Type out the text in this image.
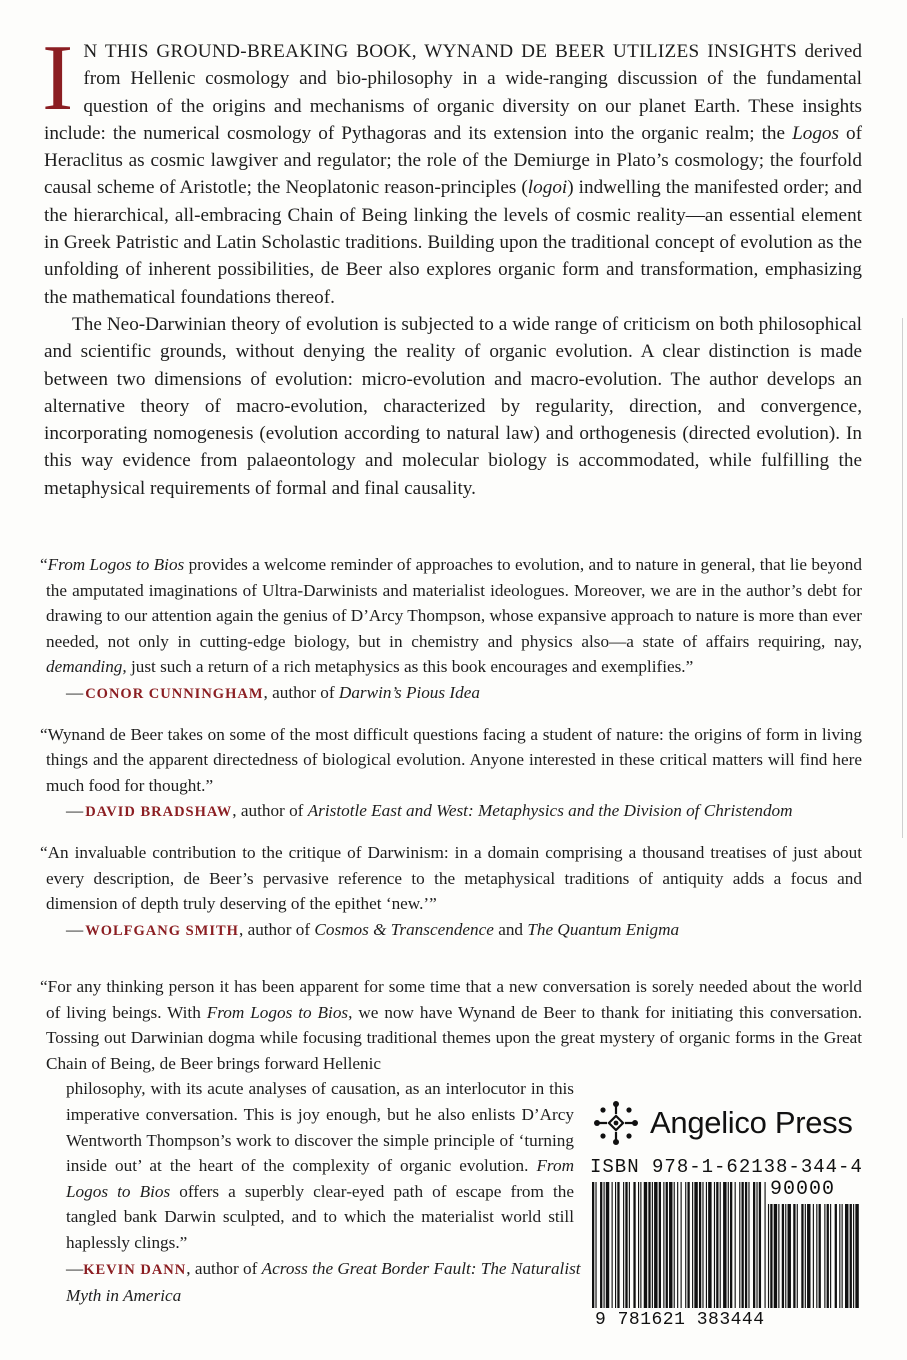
I N THIS GROUND-BREAKING BOOK, WYNAND DE BEER UTILIZES INSIGHTS derived from Hellenic cosmology and bio-philosophy in a wide-ranging discussion of the fundamental question of the origins and mechanisms of organic diversity on our planet Earth. These insights include: the numerical cosmology of Pythagoras and its extension into the organic realm; the Logos of Heraclitus as cosmic lawgiver and regulator; the role of the Demiurge in Plato’s cosmology; the fourfold causal scheme of Aristotle; the Neoplatonic reason-principles (logoi) indwelling the manifested order; and the hierarchical, all-embracing Chain of Being linking the levels of cosmic reality—an essential element in Greek Patristic and Latin Scholastic traditions. Building upon the traditional concept of evolution as the unfolding of inherent possibilities, de Beer also explores organic form and transformation, emphasizing the mathematical foundations thereof.

The Neo-Darwinian theory of evolution is subjected to a wide range of criticism on both philosophical and scientific grounds, without denying the reality of organic evolution. A clear distinction is made between two dimensions of evolution: micro-evolution and macro-evolution. The author develops an alternative theory of macro-evolution, characterized by regularity, direction, and convergence, incorporating nomogenesis (evolution according to natural law) and orthogenesis (directed evolution). In this way evidence from palaeontology and molecular biology is accommodated, while fulfilling the metaphysical requirements of formal and final causality.

“From Logos to Bios provides a welcome reminder of approaches to evolution, and to nature in general, that lie beyond the amputated imaginations of Ultra-Darwinists and materialist ideologues. Moreover, we are in the author’s debt for drawing to our attention again the genius of D’Arcy Thompson, whose expansive approach to nature is more than ever needed, not only in cutting-edge biology, but in chemistry and physics also—a state of affairs requiring, nay, demanding, just such a return of a rich metaphysics as this book encourages and exemplifies.”

— CONOR CUNNINGHAM, author of Darwin’s Pious Idea

“Wynand de Beer takes on some of the most difficult questions facing a student of nature: the origins of form in living things and the apparent directedness of biological evolution. Anyone interested in these critical matters will find here much food for thought.”

— DAVID BRADSHAW, author of Aristotle East and West: Metaphysics and the Division of Christendom

“An invaluable contribution to the critique of Darwinism: in a domain comprising a thousand treatises of just about every description, de Beer’s pervasive reference to the metaphysical traditions of antiquity adds a focus and dimension of depth truly deserving of the epithet ‘new.’”

— WOLFGANG SMITH, author of Cosmos & Transcendence and The Quantum Enigma

“For any thinking person it has been apparent for some time that a new conversation is sorely needed about the world of living beings. With From Logos to Bios, we now have Wynand de Beer to thank for initiating this conversation. Tossing out Darwinian dogma while focusing traditional themes upon the great mystery of organic forms in the Great Chain of Being, de Beer brings forward Hellenic

philosophy, with its acute analyses of causation, as an interlocutor in this imperative conversation. This is joy enough, but he also enlists D’Arcy Wentworth Thompson’s work to discover the simple principle of ‘turning inside out’ at the heart of the complexity of organic evolution. From Logos to Bios offers a superbly clear-eyed path of escape from the tangled bank Darwin sculpted, and to which the materialist world still haplessly clings.”

—KEVIN DANN, author of Across the Great Border Fault: The Naturalist Myth in America
Angelico Press
ISBN 978-1-62138-344-4
90000
9 781621 383444
